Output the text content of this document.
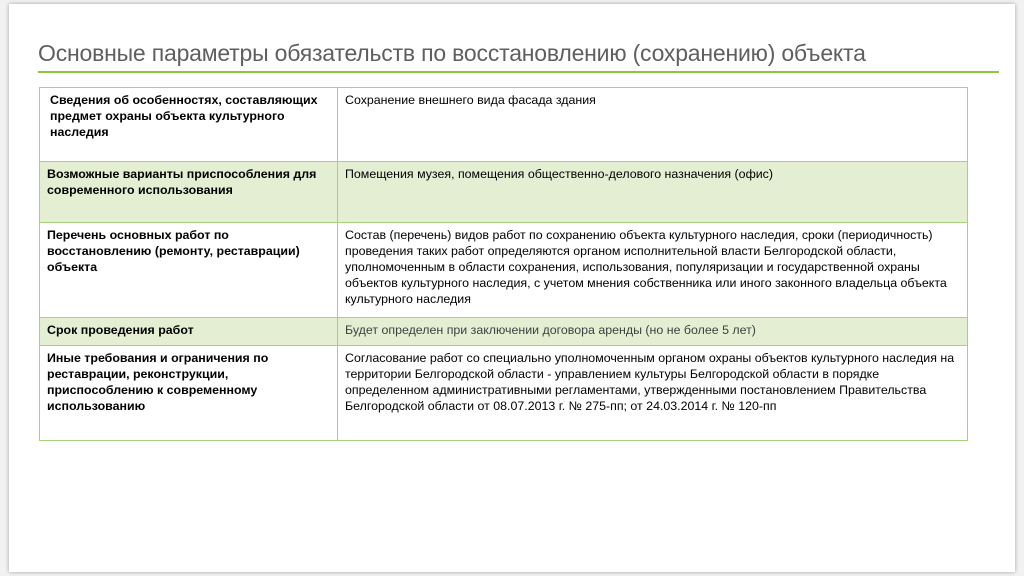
Основные параметры обязательств по восстановлению (сохранению) объекта
Сведения об особенностях, составляющих предмет охраны объекта культурного наследия	Сохранение внешнего вида фасада здания
Возможные варианты приспособления для современного использования	Помещения музея, помещения общественно-делового назначения (офис)
Перечень основных работ по восстановлению (ремонту, реставрации) объекта	Состав (перечень) видов работ по сохранению объекта культурного наследия, сроки (периодичность) проведения таких работ определяются органом исполнительной власти Белгородской области, уполномоченным в области сохранения, использования, популяризации и государственной охраны объектов культурного наследия, с учетом мнения собственника или иного законного владельца объекта культурного наследия
Срок проведения работ	Будет определен при заключении договора аренды (но не более 5 лет)
Иные требования и ограничения по реставрации, реконструкции, приспособлению к современному использованию	Согласование работ со специально уполномоченным органом охраны объектов культурного наследия на территории Белгородской области - управлением культуры Белгородской области в порядке определенном административными регламентами, утвержденными постановлением Правительства Белгородской области от 08.07.2013 г. № 275-пп; от 24.03.2014 г. № 120-пп
